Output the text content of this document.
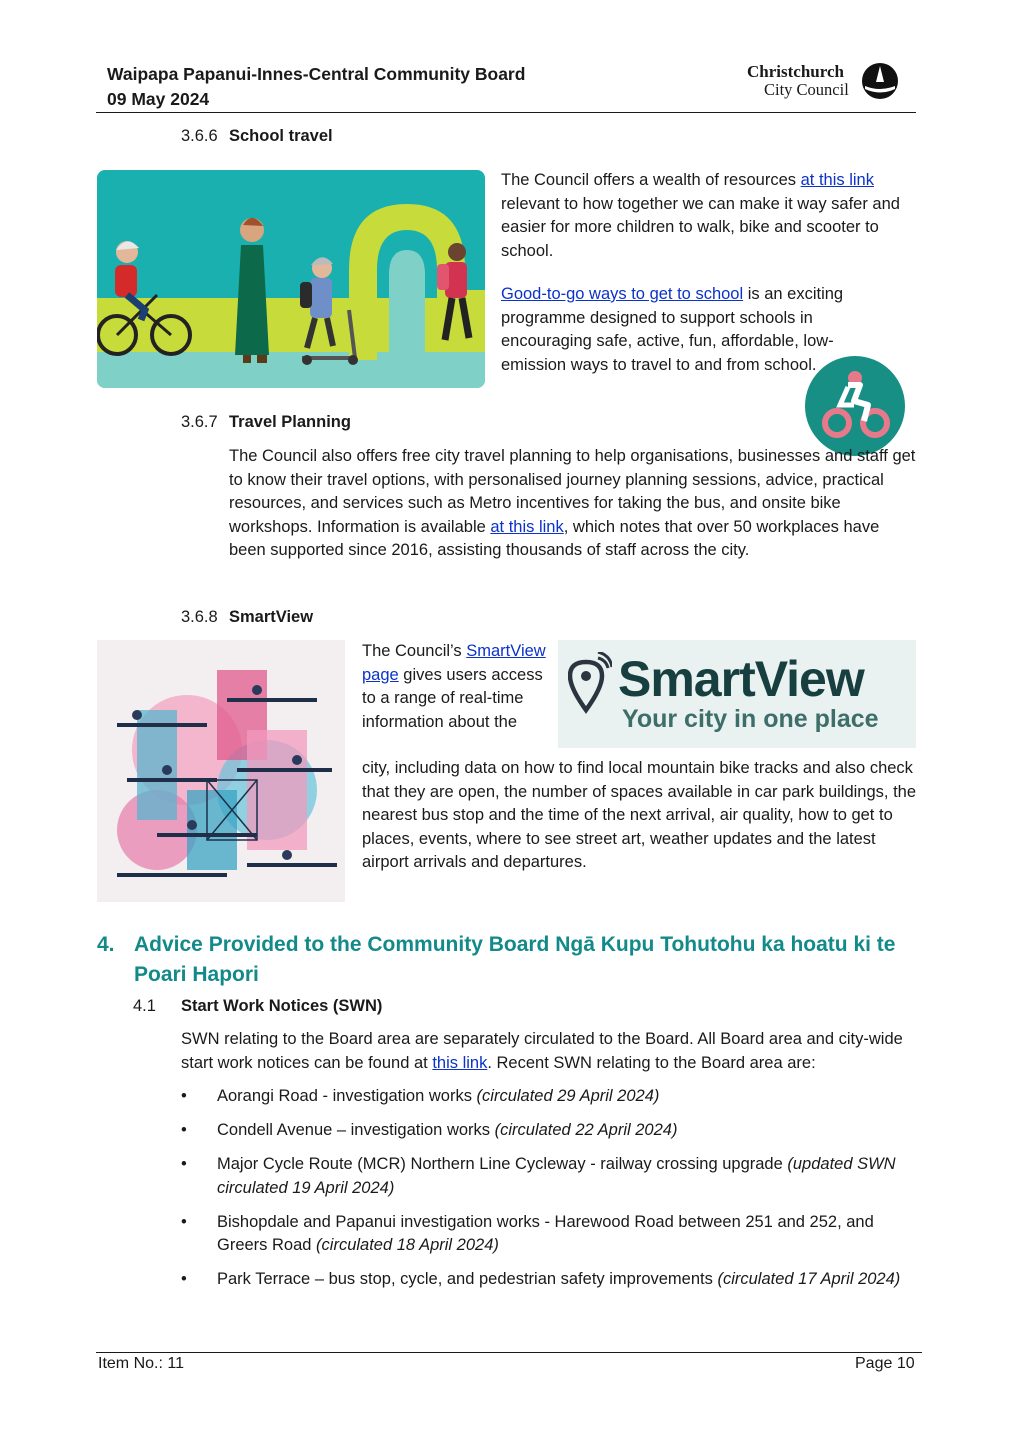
Waipapa Papanui-Innes-Central Community Board
09 May 2024
Christchurch
City Council
3.6.6 School travel

The Council offers a wealth of resources at this link relevant to how together we can make it way safer and easier for more children to walk, bike and scooter to school.

Good-to-go ways to get to school is an exciting programme designed to support schools in encouraging safe, active, fun, affordable, low-emission ways to travel to and from school.

3.6.7 Travel Planning

The Council also offers free city travel planning to help organisations, businesses and staff get to know their travel options, with personalised journey planning sessions, advice, practical resources, and services such as Metro incentives for taking the bus, and onsite bike workshops. Information is available at this link, which notes that over 50 workplaces have been supported since 2016, assisting thousands of staff across the city.

3.6.8 SmartView

The Council’s SmartView page gives users access to a range of real-time information about the

SmartView
Your city in one place

city, including data on how to find local mountain bike tracks and also check that they are open, the number of spaces available in car park buildings, the nearest bus stop and the time of the next arrival, air quality, how to get to places, events, where to see street art, weather updates and the latest airport arrivals and departures.

4. Advice Provided to the Community Board Ngā Kupu Tohutohu ka hoatu ki te Poari Hapori
4.1 Start Work Notices (SWN)

SWN relating to the Board area are separately circulated to the Board. All Board area and city-wide start work notices can be found at this link. Recent SWN relating to the Board area are:

• Aorangi Road - investigation works (circulated 29 April 2024)
• Condell Avenue – investigation works (circulated 22 April 2024)
• Major Cycle Route (MCR) Northern Line Cycleway - railway crossing upgrade (updated SWN circulated 19 April 2024)
• Bishopdale and Papanui investigation works - Harewood Road between 251 and 252, and Greers Road (circulated 18 April 2024)
• Park Terrace – bus stop, cycle, and pedestrian safety improvements (circulated 17 April 2024)
Item No.: 11	Page 10
